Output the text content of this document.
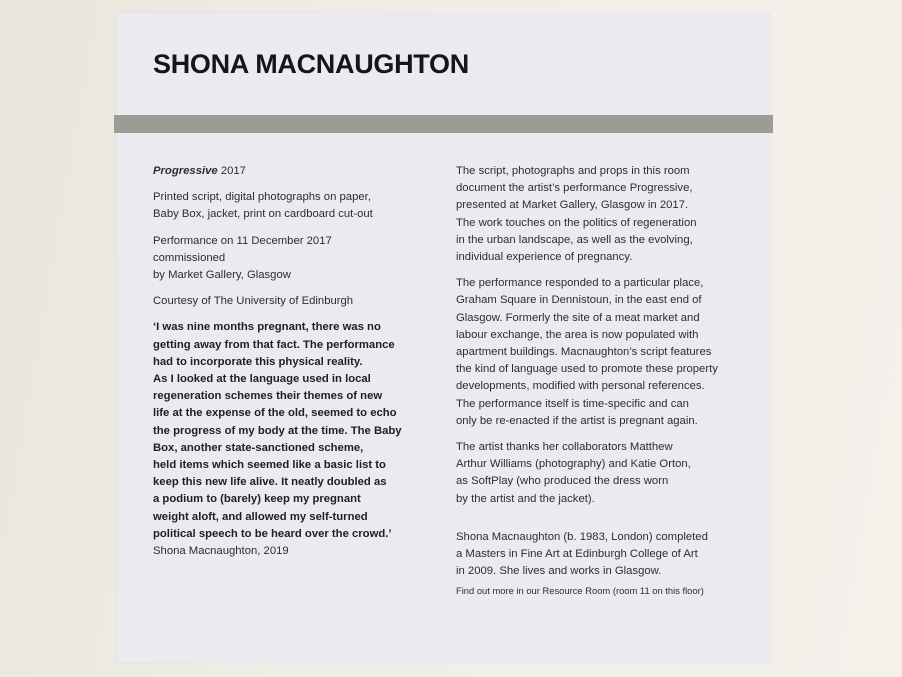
SHONA MACNAUGHTON
Progressive 2017
Printed script, digital photographs on paper,
Baby Box, jacket, print on cardboard cut-out
Performance on 11 December 2017 commissioned
by Market Gallery, Glasgow
Courtesy of The University of Edinburgh
‘I was nine months pregnant, there was no
getting away from that fact. The performance
had to incorporate this physical reality.
As I looked at the language used in local
regeneration schemes their themes of new
life at the expense of the old, seemed to echo
the progress of my body at the time. The Baby
Box, another state-sanctioned scheme,
held items which seemed like a basic list to
keep this new life alive. It neatly doubled as
a podium to (barely) keep my pregnant
weight aloft, and allowed my self-turned
political speech to be heard over the crowd.’
Shona Macnaughton, 2019
The script, photographs and props in this room
document the artist’s performance Progressive,
presented at Market Gallery, Glasgow in 2017.
The work touches on the politics of regeneration
in the urban landscape, as well as the evolving,
individual experience of pregnancy.
The performance responded to a particular place,
Graham Square in Dennistoun, in the east end of
Glasgow. Formerly the site of a meat market and
labour exchange, the area is now populated with
apartment buildings. Macnaughton’s script features
the kind of language used to promote these property
developments, modified with personal references.
The performance itself is time-specific and can
only be re-enacted if the artist is pregnant again.
The artist thanks her collaborators Matthew
Arthur Williams (photography) and Katie Orton,
as SoftPlay (who produced the dress worn
by the artist and the jacket).
Shona Macnaughton (b. 1983, London) completed
a Masters in Fine Art at Edinburgh College of Art
in 2009. She lives and works in Glasgow.
Find out more in our Resource Room (room 11 on this floor)
